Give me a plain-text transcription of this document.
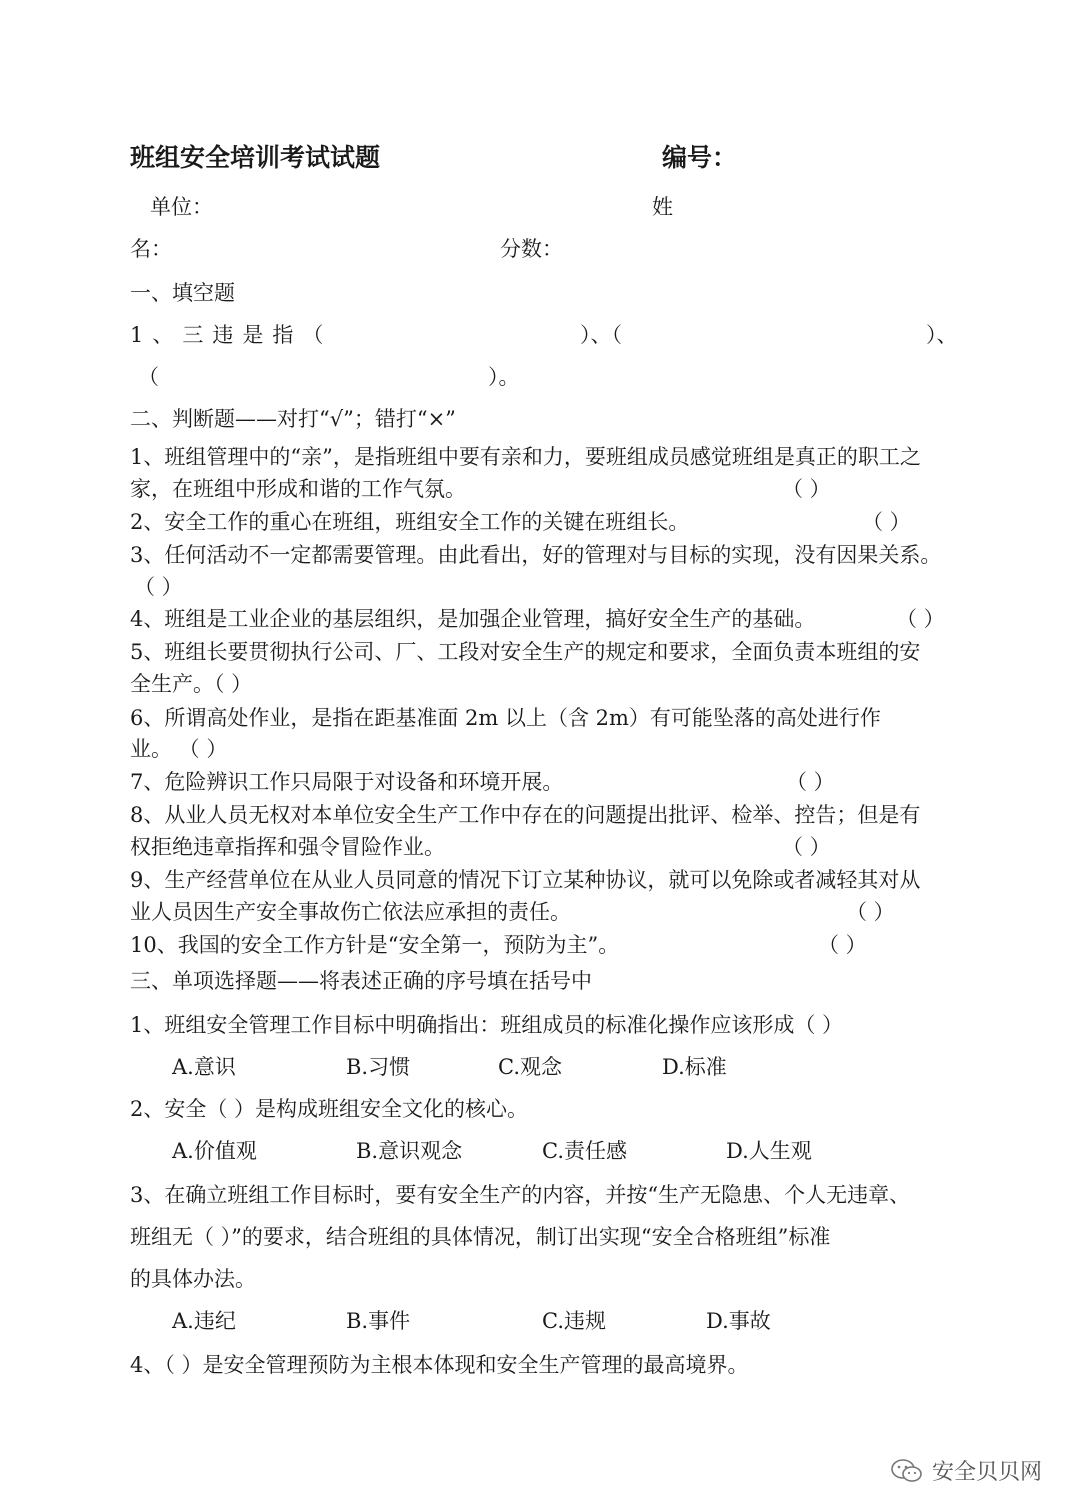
班组安全培训考试试题	编号：
单位：	姓
名：	分数：
一、填空题
1、三违是指（	）、（	）、
（	）。
二、判断题——对打“√”；错打“×”
1、班组管理中的“亲”，是指班组中要有亲和力，要班组成员感觉班组是真正的职工之
家，在班组中形成和谐的工作气氛。	（ ）
2、安全工作的重心在班组，班组安全工作的关键在班组长。	（ ）
3、任何活动不一定都需要管理。由此看出，好的管理对与目标的实现，没有因果关系。
（ ）
4、班组是工业企业的基层组织，是加强企业管理，搞好安全生产的基础。	（ ）
5、班组长要贯彻执行公司、厂、工段对安全生产的规定和要求，全面负责本班组的安
全生产。（ ）
6、所谓高处作业，是指在距基准面 2m 以上（含 2m）有可能坠落的高处进行作
业。 （ ）
7、危险辨识工作只局限于对设备和环境开展。	（ ）
8、从业人员无权对本单位安全生产工作中存在的问题提出批评、检举、控告；但是有
权拒绝违章指挥和强令冒险作业。	（ ）
9、生产经营单位在从业人员同意的情况下订立某种协议，就可以免除或者减轻其对从
业人员因生产安全事故伤亡依法应承担的责任。	（ ）
10、我国的安全工作方针是“安全第一，预防为主”。	（ ）
三、单项选择题——将表述正确的序号填在括号中
1、班组安全管理工作目标中明确指出：班组成员的标准化操作应该形成（ ）
A.意识	B.习惯	C.观念	D.标准
2、安全（ ）是构成班组安全文化的核心。
A.价值观	B.意识观念	C.责任感	D.人生观
3、在确立班组工作目标时，要有安全生产的内容，并按“生产无隐患、个人无违章、
班组无（ ）”的要求，结合班组的具体情况，制订出实现“安全合格班组”标准
的具体办法。
A.违纪	B.事件	C.违规	D.事故
4、（ ）是安全管理预防为主根本体现和安全生产管理的最高境界。
安全贝贝网
